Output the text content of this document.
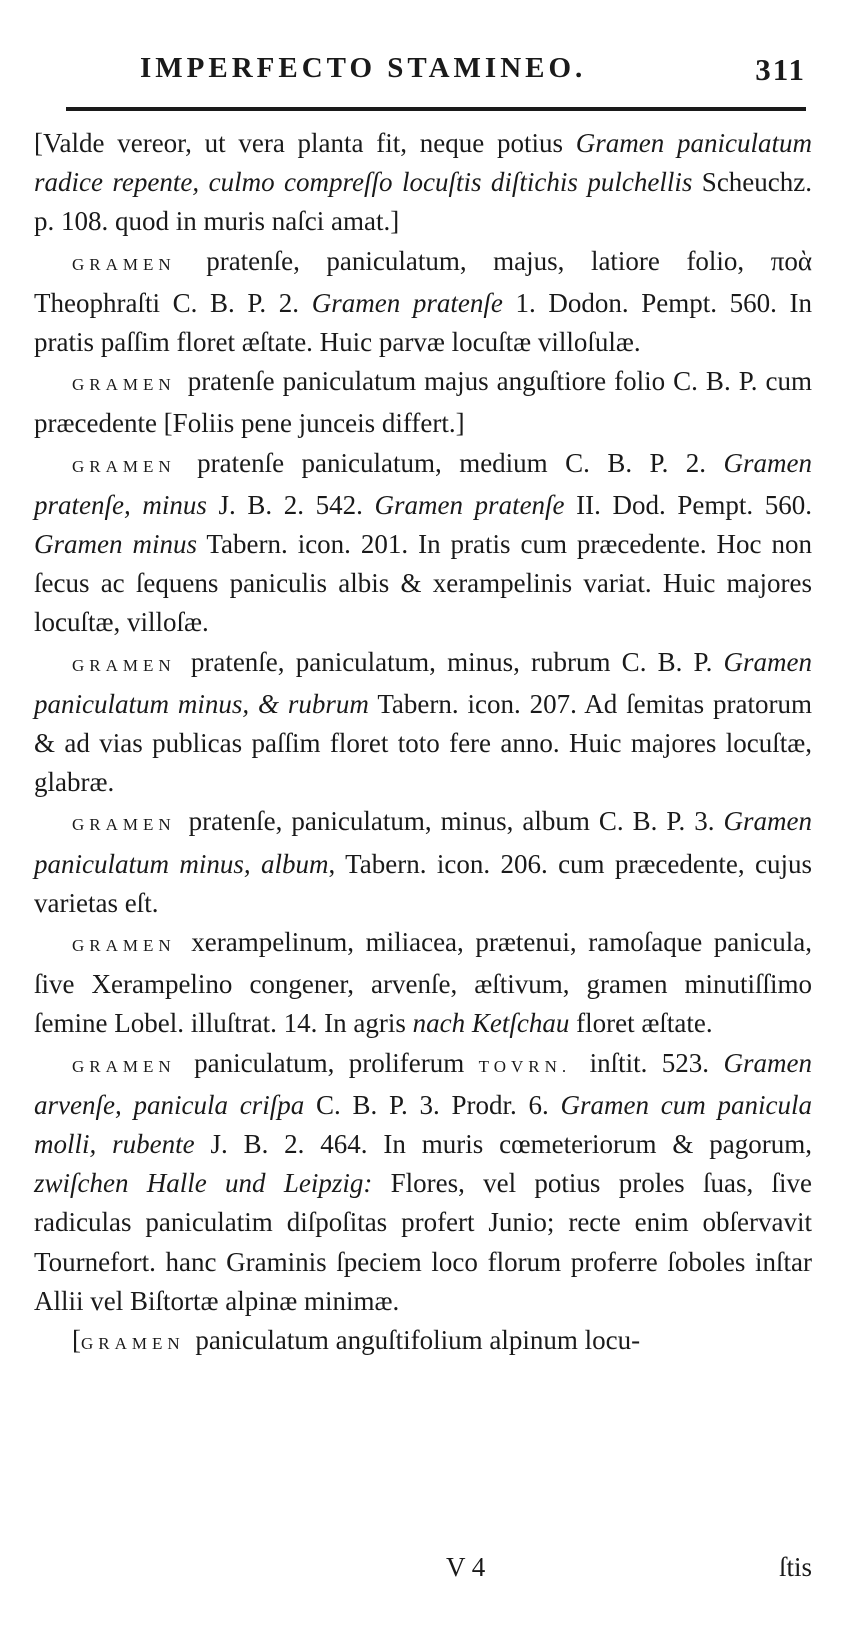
IMPERFECTO STAMINEO.	311

[Valde vereor, ut vera planta fit, neque potius Gramen paniculatum radice repente, culmo compreſſo locuſtis diſtichis pulchellis Scheuchz. p. 108. quod in muris naſci amat.]

GRAMEN pratenſe, paniculatum, majus, latiore folio, ποὰ Theophraſti C. B. P. 2. Gramen pratenſe 1. Dodon. Pempt. 560. In pratis paſſim floret æſtate. Huic parvæ locuſtæ villoſulæ.

GRAMEN pratenſe paniculatum majus anguſtiore folio C. B. P. cum præcedente [Foliis pene junceis differt.]

GRAMEN pratenſe paniculatum, medium C. B. P. 2. Gramen pratenſe, minus J. B. 2. 542. Gramen pratenſe II. Dod. Pempt. 560. Gramen minus Tabern. icon. 201. In pratis cum præcedente. Hoc non ſecus ac ſequens paniculis albis & xerampelinis variat. Huic majores locuſtæ, villoſæ.

GRAMEN pratenſe, paniculatum, minus, rubrum C. B. P. Gramen paniculatum minus, & rubrum Tabern. icon. 207. Ad ſemitas pratorum & ad vias publicas paſſim floret toto fere anno. Huic majores locuſtæ, glabræ.

GRAMEN pratenſe, paniculatum, minus, album C. B. P. 3. Gramen paniculatum minus, album, Tabern. icon. 206. cum præcedente, cujus varietas eſt.

GRAMEN xerampelinum, miliacea, prætenui, ramoſaque panicula, ſive Xerampelino congener, arvenſe, æſtivum, gramen minutiſſimo ſemine Lobel. illuſtrat. 14. In agris nach Ketſchau floret æſtate.

GRAMEN paniculatum, proliferum TOVRN. inſtit. 523. Gramen arvenſe, panicula criſpa C. B. P. 3. Prodr. 6. Gramen cum panicula molli, rubente J. B. 2. 464. In muris cœmeteriorum & pagorum, zwiſchen Halle und Leipzig: Flores, vel potius proles ſuas, ſive radiculas paniculatim diſpoſitas profert Junio; recte enim obſervavit Tournefort. hanc Graminis ſpeciem loco florum proferre ſoboles inſtar Allii vel Biſtortæ alpinæ minimæ.

[GRAMEN paniculatum anguſtifolium alpinum locu-

V 4	ſtis
